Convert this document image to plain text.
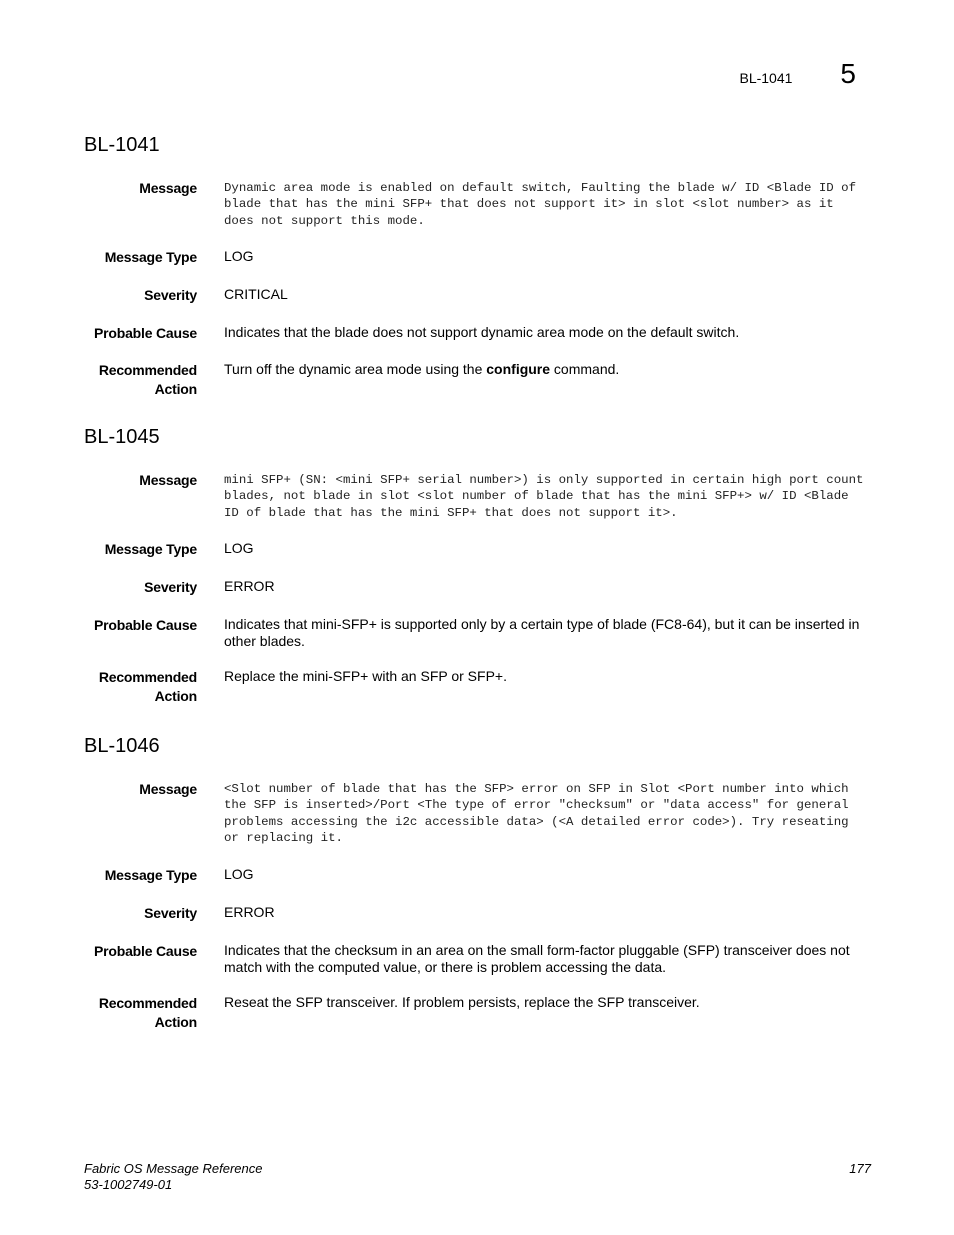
BL-1041 5
BL-1041
Message Dynamic area mode is enabled on default switch, Faulting the blade w/ ID <Blade ID of blade that has the mini SFP+ that does not support it> in slot <slot number> as it does not support this mode.
Message Type LOG
Severity CRITICAL
Probable Cause Indicates that the blade does not support dynamic area mode on the default switch.
Recommended
Action
Turn off the dynamic area mode using the configure command.
BL-1045
Message mini SFP+ (SN: <mini SFP+ serial number>) is only supported in certain high port count blades, not blade in slot <slot number of blade that has the mini SFP+> w/ ID <Blade ID of blade that has the mini SFP+ that does not support it>.
Message Type LOG
Severity ERROR
Probable Cause Indicates that mini-SFP+ is supported only by a certain type of blade (FC8-64), but it can be inserted in other blades.
Recommended
Action
Replace the mini-SFP+ with an SFP or SFP+.
BL-1046
Message <Slot number of blade that has the SFP> error on SFP in Slot <Port number into which the SFP is inserted>/Port <The type of error "checksum" or "data access" for general problems accessing the i2c accessible data> (<A detailed error code>). Try reseating or replacing it.
Message Type LOG
Severity ERROR
Probable Cause Indicates that the checksum in an area on the small form-factor pluggable (SFP) transceiver does not match with the computed value, or there is problem accessing the data.
Recommended
Action
Reseat the SFP transceiver. If problem persists, replace the SFP transceiver.
Fabric OS Message Reference
53-1002749-01
177
